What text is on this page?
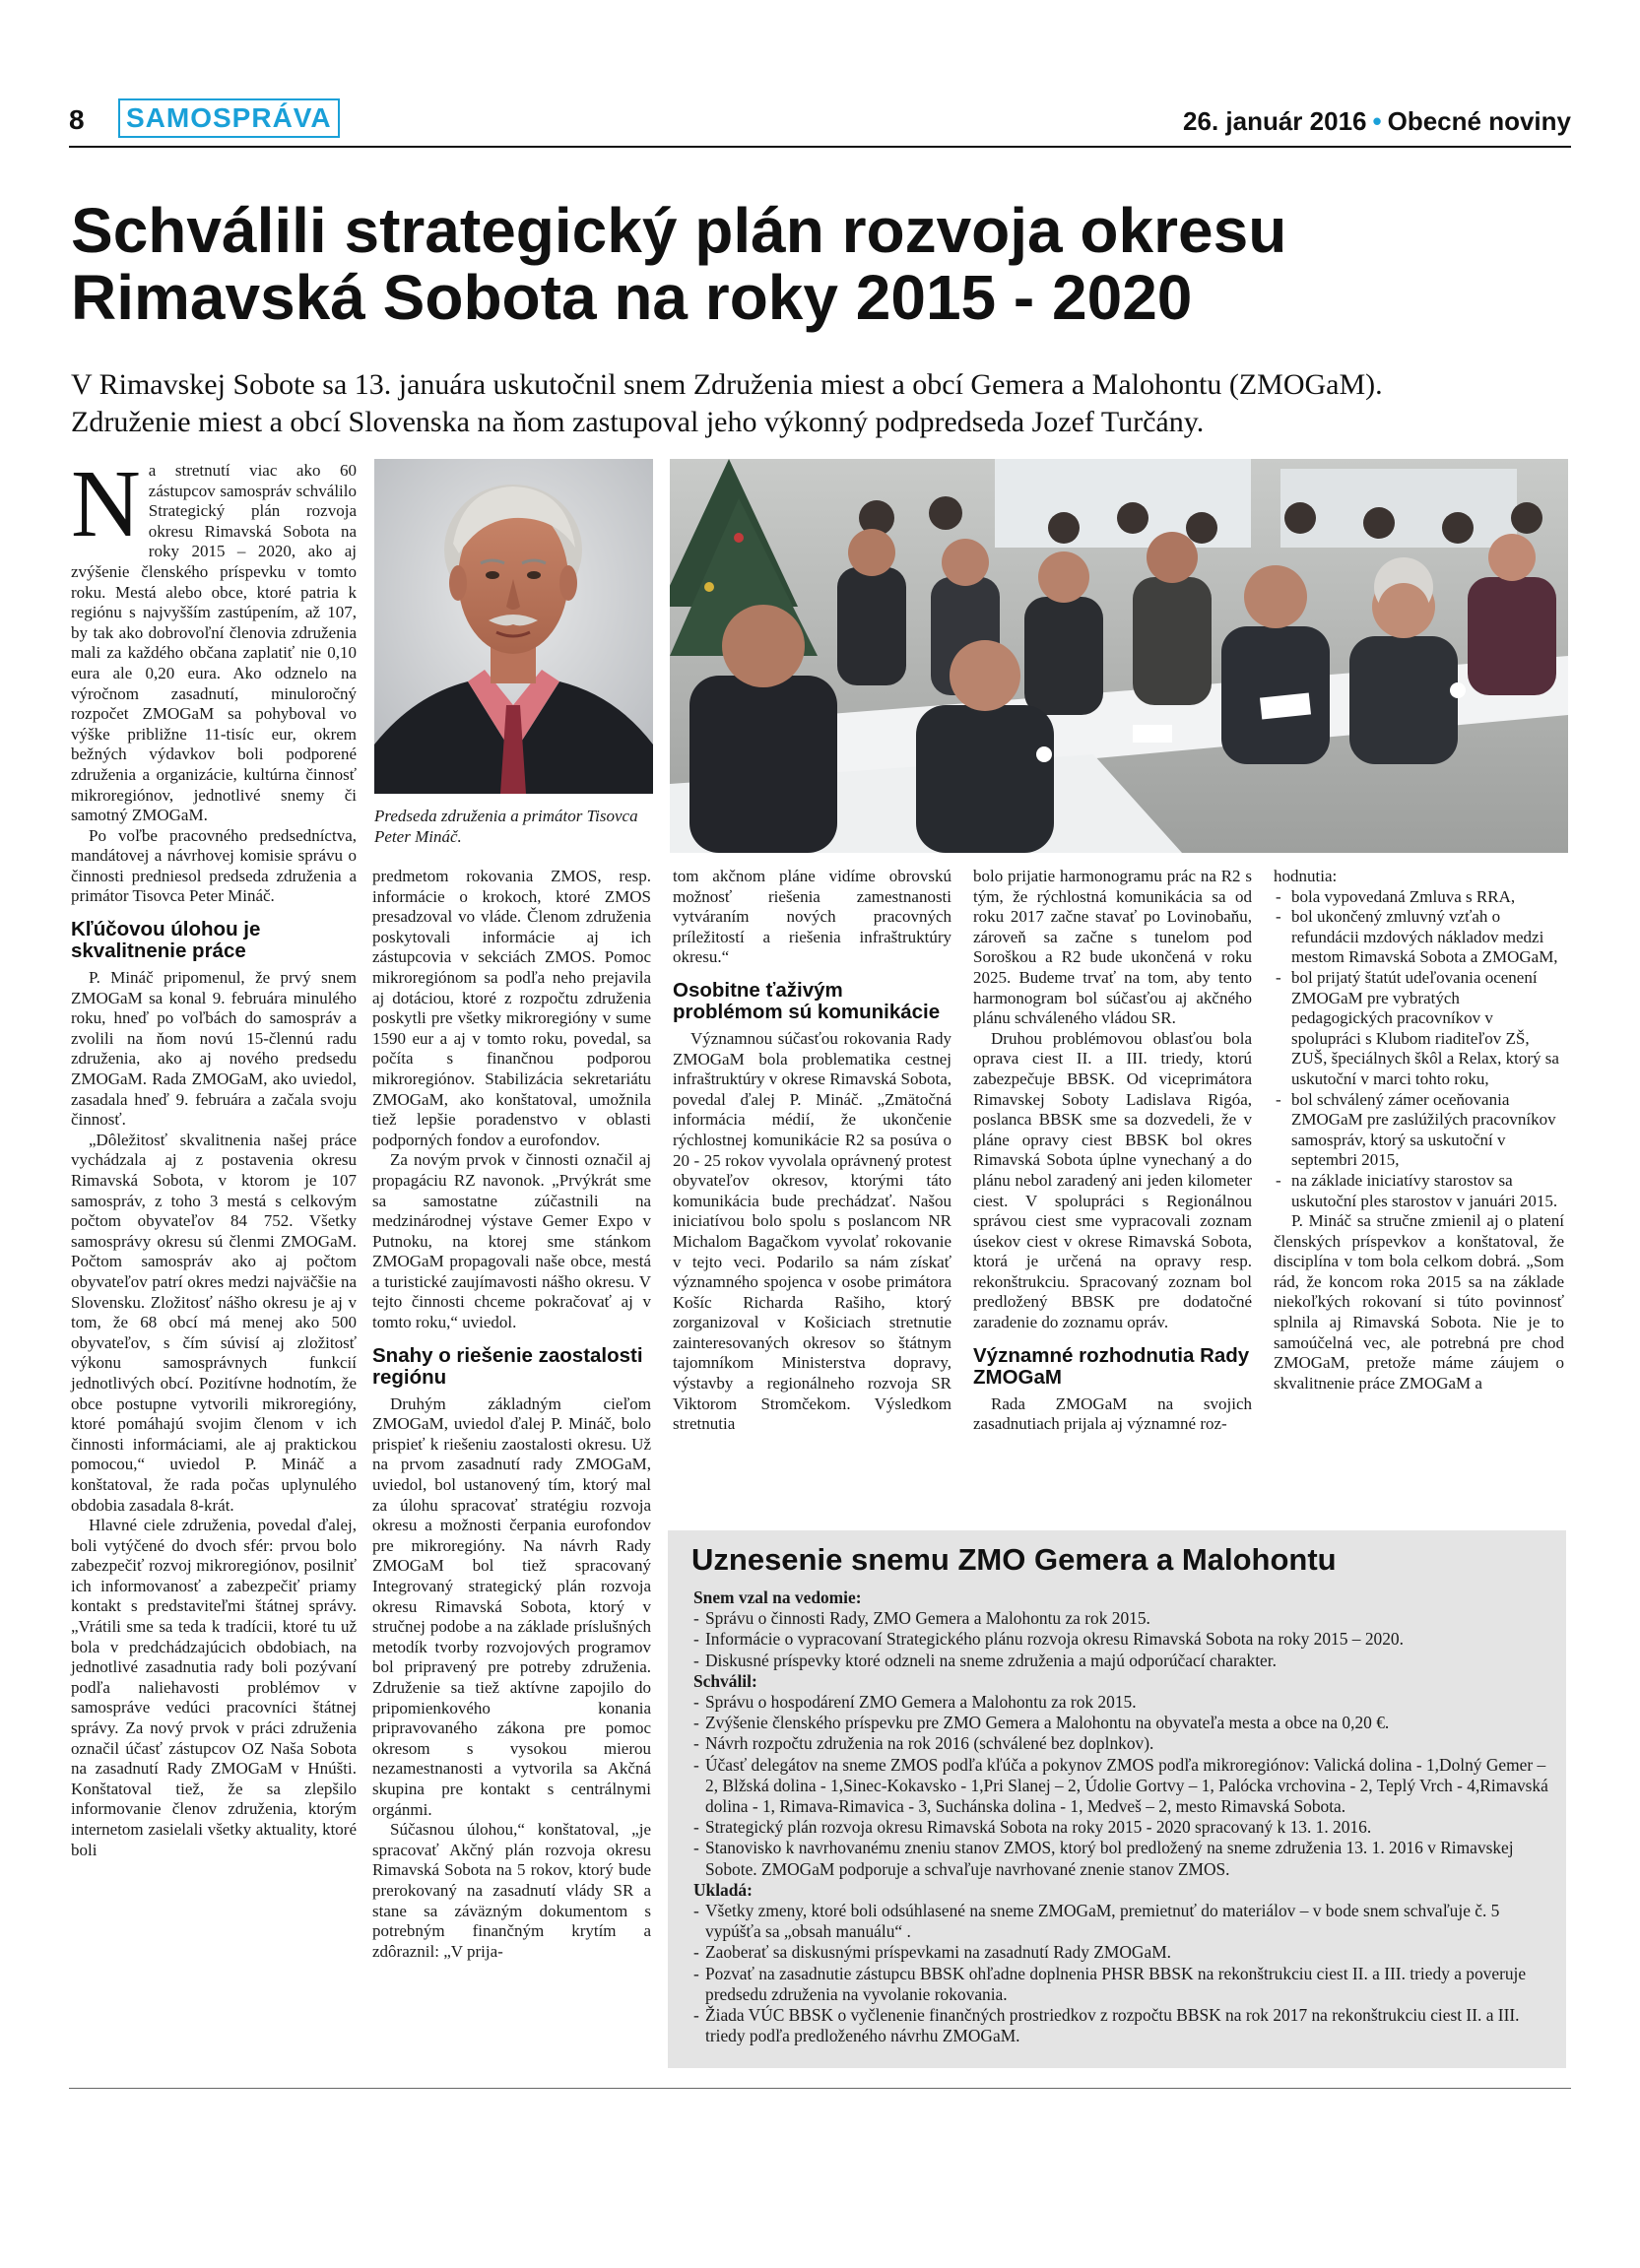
8 SAMOSPRÁVA	26. január 2016 • Obecné noviny
Schválili strategický plán rozvoja okresu
Rimavská Sobota na roky 2015 - 2020
V Rimavskej Sobote sa 13. januára uskutočnil snem Združenia miest a obcí Gemera a Malohontu (ZMOGaM).
Združenie miest a obcí Slovenska na ňom zastupoval jeho výkonný podpredseda Jozef Turčány.

Na stretnutí viac ako 60 zástupcov samospráv schválilo Strategický plán rozvoja okresu Rimavská Sobota na roky 2015 – 2020, ako aj zvýšenie členského príspevku v tomto roku. Mestá alebo obce, ktoré patria k regiónu s najvyšším zastúpením, až 107, by tak ako dobrovoľní členovia združenia mali za každého občana zaplatiť nie 0,10 eura ale 0,20 eura. Ako odznelo na výročnom zasadnutí, minuloročný rozpočet ZMOGaM sa pohyboval vo výške približne 11-tisíc eur, okrem bežných výdavkov boli podporené združenia a organizácie, kultúrna činnosť mikroregiónov, jednotlivé snemy či samotný ZMOGaM.

Po voľbe pracovného predsedníctva, mandátovej a návrhovej komisie správu o činnosti predniesol predseda združenia a primátor Tisovca Peter Mináč.

Kľúčovou úlohou je skvalitnenie práce

P. Mináč pripomenul, že prvý snem ZMOGaM sa konal 9. februára minulého roku, hneď po voľbách do samospráv a zvolili na ňom novú 15-člennú radu združenia, ako aj nového predsedu ZMOGaM. Rada ZMOGaM, ako uviedol, zasadala hneď 9. februára a začala svoju činnosť.

„Dôležitosť skvalitnenia našej práce vychádzala aj z postavenia okresu Rimavská Sobota, v ktorom je 107 samospráv, z toho 3 mestá s celkovým počtom obyvateľov 84 752. Všetky samosprávy okresu sú členmi ZMOGaM. Počtom samospráv ako aj počtom obyvateľov patrí okres medzi najväčšie na Slovensku. Zložitosť nášho okresu je aj v tom, že 68 obcí má menej ako 500 obyvateľov, s čím súvisí aj zložitosť výkonu samosprávnych funkcií jednotlivých obcí. Pozitívne hodnotím, že obce postupne vytvorili mikroregióny, ktoré pomáhajú svojim členom v ich činnosti informáciami, ale aj praktickou pomocou,“ uviedol P. Mináč a konštatoval, že rada počas uplynulého obdobia zasadala 8-krát.

Hlavné ciele združenia, povedal ďalej, boli vytýčené do dvoch sfér: prvou bolo zabezpečiť rozvoj mikroregiónov, posilniť ich informovanosť a zabezpečiť priamy kontakt s predstaviteľmi štátnej správy. „Vrátili sme sa teda k tradícii, ktoré tu už bola v predchádzajúcich obdobiach, na jednotlivé zasadnutia rady boli pozývaní podľa naliehavosti problémov v samospráve vedúci pracovníci štátnej správy. Za nový prvok v práci združenia označil účasť zástupcov OZ Naša Sobota na zasadnutí Rady ZMOGaM v Hnúšti. Konštatoval tiež, že sa zlepšilo informovanie členov združenia, ktorým internetom zasielali všetky aktuality, ktoré boli

Predseda združenia a primátor Tisovca Peter Mináč.

predmetom rokovania ZMOS, resp. informácie o krokoch, ktoré ZMOS presadzoval vo vláde. Členom združenia poskytovali informácie aj ich zástupcovia v sekciách ZMOS. Pomoc mikroregiónom sa podľa neho prejavila aj dotáciou, ktoré z rozpočtu združenia poskytli pre všetky mikroregióny v sume 1590 eur a aj v tomto roku, povedal, sa počíta s finančnou podporou mikroregiónov. Stabilizácia sekretariátu ZMOGaM, ako konštatoval, umožnila tiež lepšie poradenstvo v oblasti podporných fondov a eurofondov.

Za novým prvok v činnosti označil aj propagáciu RZ navonok. „Prvýkrát sme sa samostatne zúčastnili na medzinárodnej výstave Gemer Expo v Putnoku, na ktorej sme stánkom ZMOGaM propagovali naše obce, mestá a turistické zaujímavosti nášho okresu. V tejto činnosti chceme pokračovať aj v tomto roku,“ uviedol.

Snahy o riešenie zaostalosti regiónu

Druhým základným cieľom ZMOGaM, uviedol ďalej P. Mináč, bolo prispieť k riešeniu zaostalosti okresu. Už na prvom zasadnutí rady ZMOGaM, uviedol, bol ustanovený tím, ktorý mal za úlohu spracovať stratégiu rozvoja okresu a možnosti čerpania eurofondov pre mikroregióny. Na návrh Rady ZMOGaM bol tiež spracovaný Integrovaný strategický plán rozvoja okresu Rimavská Sobota, ktorý v stručnej podobe a na základe príslušných metodík tvorby rozvojových programov bol pripravený pre potreby združenia. Združenie sa tiež aktívne zapojilo do pripomienkového konania pripravovaného zákona pre pomoc okresom s vysokou mierou nezamestnanosti a vytvorila sa Akčná skupina pre kontakt s centrálnymi orgánmi.

Súčasnou úlohou,“ konštatoval, „je spracovať Akčný plán rozvoja okresu Rimavská Sobota na 5 rokov, ktorý bude prerokovaný na zasadnutí vlády SR a stane sa záväzným dokumentom s potrebným finančným krytím a zdôraznil: „V prija-

tom akčnom pláne vidíme obrovskú možnosť riešenia zamestnanosti vytváraním nových pracovných príležitostí a riešenia infraštruktúry okresu.“

Osobitne ťaživým problémom sú komunikácie

Významnou súčasťou rokovania Rady ZMOGaM bola problematika cestnej infraštruktúry v okrese Rimavská Sobota, povedal ďalej P. Mináč. „Zmätočná informácia médií, že ukončenie rýchlostnej komunikácie R2 sa posúva o 20 - 25 rokov vyvolala oprávnený protest obyvateľov okresov, ktorými táto komunikácia bude prechádzať. Našou iniciatívou bolo spolu s poslancom NR Michalom Bagačkom vyvolať rokovanie v tejto veci. Podarilo sa nám získať významného spojenca v osobe primátora Košíc Richarda Rašiho, ktorý zorganizoval v Košiciach stretnutie zainteresovaných okresov so štátnym tajomníkom Ministerstva dopravy, výstavby a regionálneho rozvoja SR Viktorom Stromčekom. Výsledkom stretnutia

bolo prijatie harmonogramu prác na R2 s tým, že rýchlostná komunikácia sa od roku 2017 začne stavať po Lovinobaňu, zároveň sa začne s tunelom pod Soroškou a R2 bude ukončená v roku 2025. Budeme trvať na tom, aby tento harmonogram bol súčasťou aj akčného plánu schváleného vládou SR.

Druhou problémovou oblasťou bola oprava ciest II. a III. triedy, ktorú zabezpečuje BBSK. Od viceprimátora Rimavskej Soboty Ladislava Rigóa, poslanca BBSK sme sa dozvedeli, že v pláne opravy ciest BBSK bol okres Rimavská Sobota úplne vynechaný a do plánu nebol zaradený ani jeden kilometer ciest. V spolupráci s Regionálnou správou ciest sme vypracovali zoznam úsekov ciest v okrese Rimavská Sobota, ktorá je určená na opravy resp. rekonštrukciu. Spracovaný zoznam bol predložený BBSK pre dodatočné zaradenie do zoznamu opráv.

Významné rozhodnutia Rady ZMOGaM

Rada ZMOGaM na svojich zasadnutiach prijala aj významné roz-

hodnutia:

- bola vypovedaná Zmluva s RRA,
- bol ukončený zmluvný vzťah o refundácii mzdových nákladov medzi mestom Rimavská Sobota a ZMOGaM,
- bol prijatý štatút udeľovania ocenení ZMOGaM pre vybratých pedagogických pracovníkov v spolupráci s Klubom riaditeľov ZŠ, ZUŠ, špeciálnych škôl a Relax, ktorý sa uskutoční v marci tohto roku,
- bol schválený zámer oceňovania ZMOGaM pre zaslúžilých pracovníkov samospráv, ktorý sa uskutoční v septembri 2015,
- na základe iniciatívy starostov sa uskutoční ples starostov v januári 2015.

P. Mináč sa stručne zmienil aj o platení členských príspevkov a konštatoval, že disciplína v tom bola celkom dobrá. „Som rád, že koncom roka 2015 sa na základe niekoľkých rokovaní si túto povinnosť splnila aj Rimavská Sobota. Nie je to samoúčelná vec, ale potrebná pre chod ZMOGaM, pretože máme záujem o skvalitnenie práce ZMOGaM a

Uznesenie snemu ZMO Gemera a Malohontu
Snem vzal na vedomie:
- Správu o činnosti Rady, ZMO Gemera a Malohontu za rok 2015.
- Informácie o vypracovaní Strategického plánu rozvoja okresu Rimavská Sobota na roky 2015 – 2020.
- Diskusné príspevky ktoré odzneli na sneme združenia a majú odporúčací charakter.
Schválil:
- Správu o hospodárení ZMO Gemera a Malohontu za rok 2015.
- Zvýšenie členského príspevku pre ZMO Gemera a Malohontu na obyvateľa mesta a obce na 0,20 €.
- Návrh rozpočtu združenia na rok 2016 (schválené bez doplnkov).
- Účasť delegátov na sneme ZMOS podľa kľúča a pokynov ZMOS podľa mikroregiónov: Valická dolina - 1,Dolný Gemer – 2, Blžská dolina - 1,Sinec-Kokavsko - 1,Pri Slanej – 2, Údolie Gortvy – 1, Palócka vrchovina - 2, Teplý Vrch - 4,Rimavská dolina - 1, Rimava-Rimavica - 3, Suchánska dolina - 1, Medveš – 2, mesto Rimavská Sobota.
- Strategický plán rozvoja okresu Rimavská Sobota na roky 2015 - 2020 spracovaný k 13. 1. 2016.
- Stanovisko k navrhovanému zneniu stanov ZMOS, ktorý bol predložený na sneme združenia 13. 1. 2016 v Rimavskej Sobote. ZMOGaM podporuje a schvaľuje navrhované znenie stanov ZMOS.
Ukladá:
- Všetky zmeny, ktoré boli odsúhlasené na sneme ZMOGaM, premietnuť do materiálov – v bode snem schvaľuje č. 5 vypúšťa sa „obsah manuálu“ .
- Zaoberať sa diskusnými príspevkami na zasadnutí Rady ZMOGaM.
- Pozvať na zasadnutie zástupcu BBSK ohľadne doplnenia PHSR BBSK na rekonštrukciu ciest II. a III. triedy a poveruje predsedu združenia na vyvolanie rokovania.
- Žiada VÚC BBSK o vyčlenenie finančných prostriedkov z rozpočtu BBSK na rok 2017 na rekonštrukciu ciest II. a III. triedy podľa predloženého návrhu ZMOGaM.
